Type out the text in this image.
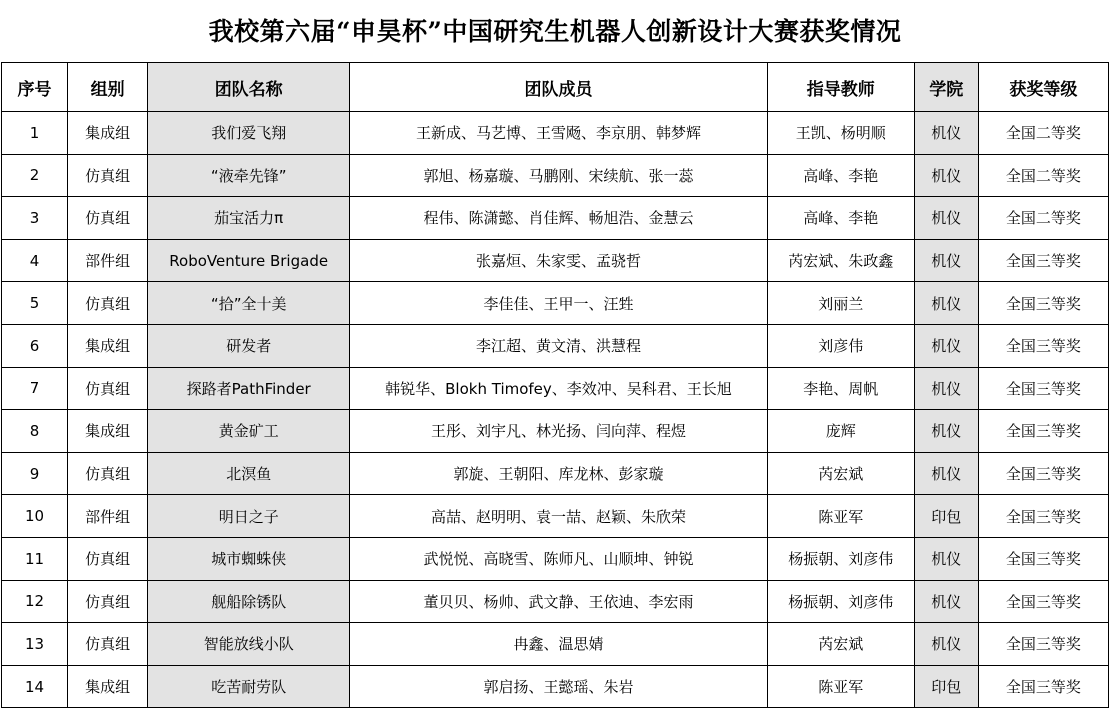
我校第六届“申昊杯”中国研究生机器人创新设计大赛获奖情况
序号	组别	团队名称	团队成员	指导教师	学院	获奖等级
1	集成组	我们爱飞翔	王新成、马艺博、王雪飏、李京朋、韩梦辉	王凯、杨明顺	机仪	全国二等奖
2	仿真组	“液牵先锋”	郭旭、杨嘉璇、马鹏刚、宋续航、张一蕊	高峰、李艳	机仪	全国二等奖
3	仿真组	茄宝活力π	程伟、陈潇懿、肖佳辉、畅旭浩、金慧云	高峰、李艳	机仪	全国二等奖
4	部件组	RoboVenture Brigade	张嘉烜、朱家雯、孟骁哲	芮宏斌、朱政鑫	机仪	全国三等奖
5	仿真组	“拾”全十美	李佳佳、王甲一、汪甡	刘丽兰	机仪	全国三等奖
6	集成组	研发者	李江超、黄文清、洪慧程	刘彦伟	机仪	全国三等奖
7	仿真组	探路者PathFinder	韩锐华、Blokh Timofey、李效冲、吴科君、王长旭	李艳、周帆	机仪	全国三等奖
8	集成组	黄金矿工	王彤、刘宇凡、林光扬、闫向萍、程煜	庞辉	机仪	全国三等奖
9	仿真组	北溟鱼	郭旋、王朝阳、库龙林、彭家璇	芮宏斌	机仪	全国三等奖
10	部件组	明日之子	高喆、赵明明、袁一喆、赵颖、朱欣荣	陈亚军	印包	全国三等奖
11	仿真组	城市蜘蛛侠	武悦悦、高晓雪、陈师凡、山顺坤、钟锐	杨振朝、刘彦伟	机仪	全国三等奖
12	仿真组	舰船除锈队	董贝贝、杨帅、武文静、王依迪、李宏雨	杨振朝、刘彦伟	机仪	全国三等奖
13	仿真组	智能放线小队	冉鑫、温思婧	芮宏斌	机仪	全国三等奖
14	集成组	吃苦耐劳队	郭启扬、王懿瑶、朱岩	陈亚军	印包	全国三等奖
